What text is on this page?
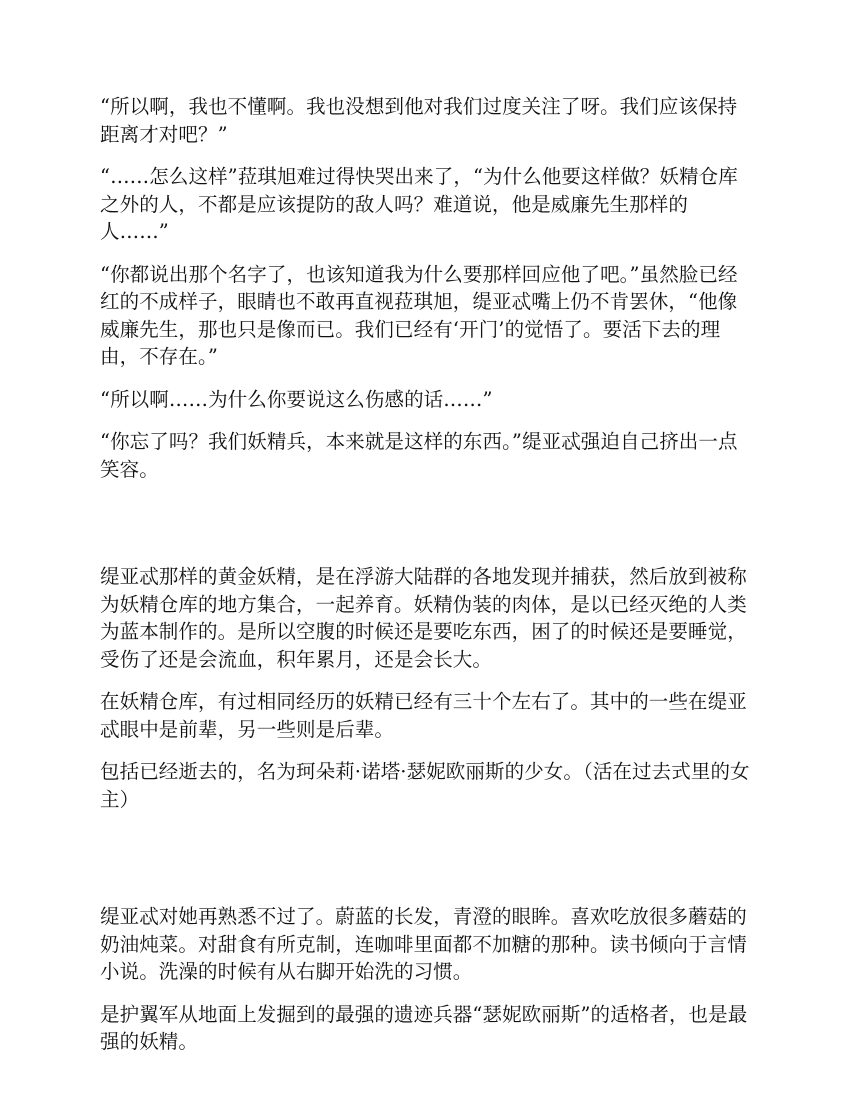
“所以啊，我也不懂啊。我也没想到他对我们过度关注了呀。我们应该保持距离才对吧？”

“……怎么这样”菈琪旭难过得快哭出来了，“为什么他要这样做？妖精仓库之外的人，不都是应该提防的敌人吗？难道说，他是威廉先生那样的人……”

“你都说出那个名字了，也该知道我为什么要那样回应他了吧。”虽然脸已经红的不成样子，眼睛也不敢再直视菈琪旭，缇亚忒嘴上仍不肯罢休，“他像威廉先生，那也只是像而已。我们已经有‘开门’的觉悟了。要活下去的理由，不存在。”

“所以啊……为什么你要说这么伤感的话……”

“你忘了吗？我们妖精兵，本来就是这样的东西。”缇亚忒强迫自己挤出一点笑容。

缇亚忒那样的黄金妖精，是在浮游大陆群的各地发现并捕获，然后放到被称为妖精仓库的地方集合，一起养育。妖精伪装的肉体，是以已经灭绝的人类为蓝本制作的。是所以空腹的时候还是要吃东西，困了的时候还是要睡觉，受伤了还是会流血，积年累月，还是会长大。

在妖精仓库，有过相同经历的妖精已经有三十个左右了。其中的一些在缇亚忒眼中是前辈，另一些则是后辈。

包括已经逝去的，名为珂朵莉·诺塔·瑟妮欧丽斯的少女。（活在过去式里的女主）

缇亚忒对她再熟悉不过了。蔚蓝的长发，青澄的眼眸。喜欢吃放很多蘑菇的奶油炖菜。对甜食有所克制，连咖啡里面都不加糖的那种。读书倾向于言情小说。洗澡的时候有从右脚开始洗的习惯。

是护翼军从地面上发掘到的最强的遗迹兵器“瑟妮欧丽斯”的适格者，也是最强的妖精。
